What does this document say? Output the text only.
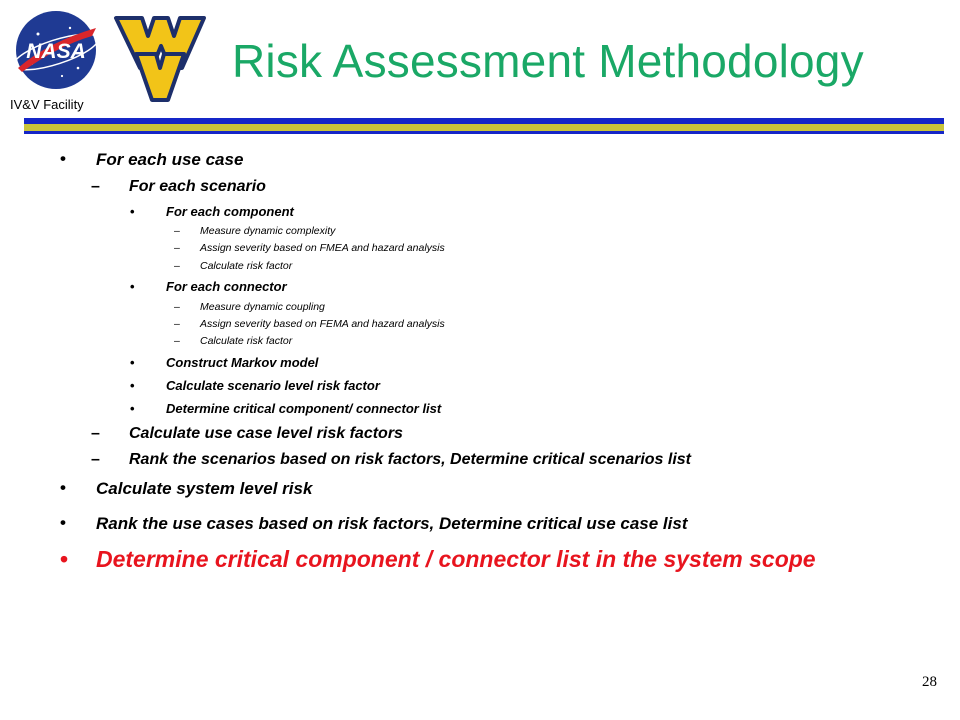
NASA
IV&V Facility
Risk Assessment Methodology
• For each use case
– For each scenario
• For each component
– Measure dynamic complexity
– Assign severity based on FMEA and hazard analysis
– Calculate risk factor
• For each connector
– Measure dynamic coupling
– Assign severity based on FEMA and hazard analysis
– Calculate risk factor
• Construct Markov model
• Calculate scenario level risk factor
• Determine critical component/ connector list
– Calculate use case level risk factors
– Rank the scenarios based on risk factors, Determine critical scenarios list
• Calculate system level risk
• Rank the use cases based on risk factors, Determine critical use case list
• Determine critical component / connector list in the system scope
28
